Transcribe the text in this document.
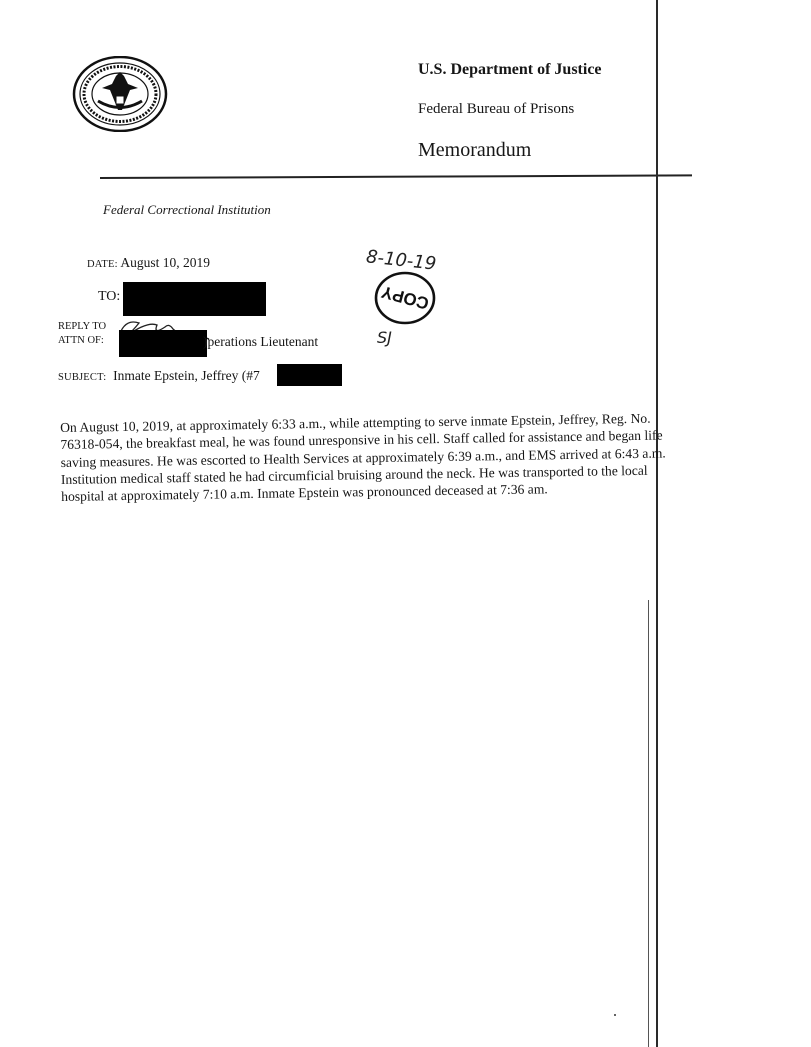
U.S. Department of Justice
Federal Bureau of Prisons
Memorandum
Federal Correctional Institution
DATE: August 10, 2019
TO:
REPLY TO
ATTN OF:	)perations Lieutenant
SUBJECT: Inmate Epstein, Jeffrey (#7
8-10-19
COPY
SJ

On August 10, 2019, at approximately 6:33 a.m., while attempting to serve inmate Epstein, Jeffrey, Reg. No.

76318-054, the breakfast meal, he was found unresponsive in his cell. Staff called for assistance and began life

saving measures. He was escorted to Health Services at approximately 6:39 a.m., and EMS arrived at 6:43 a.m.

Institution medical staff stated he had circumficial bruising around the neck. He was transported to the local

hospital at approximately 7:10 a.m. Inmate Epstein was pronounced deceased at 7:36 am.
